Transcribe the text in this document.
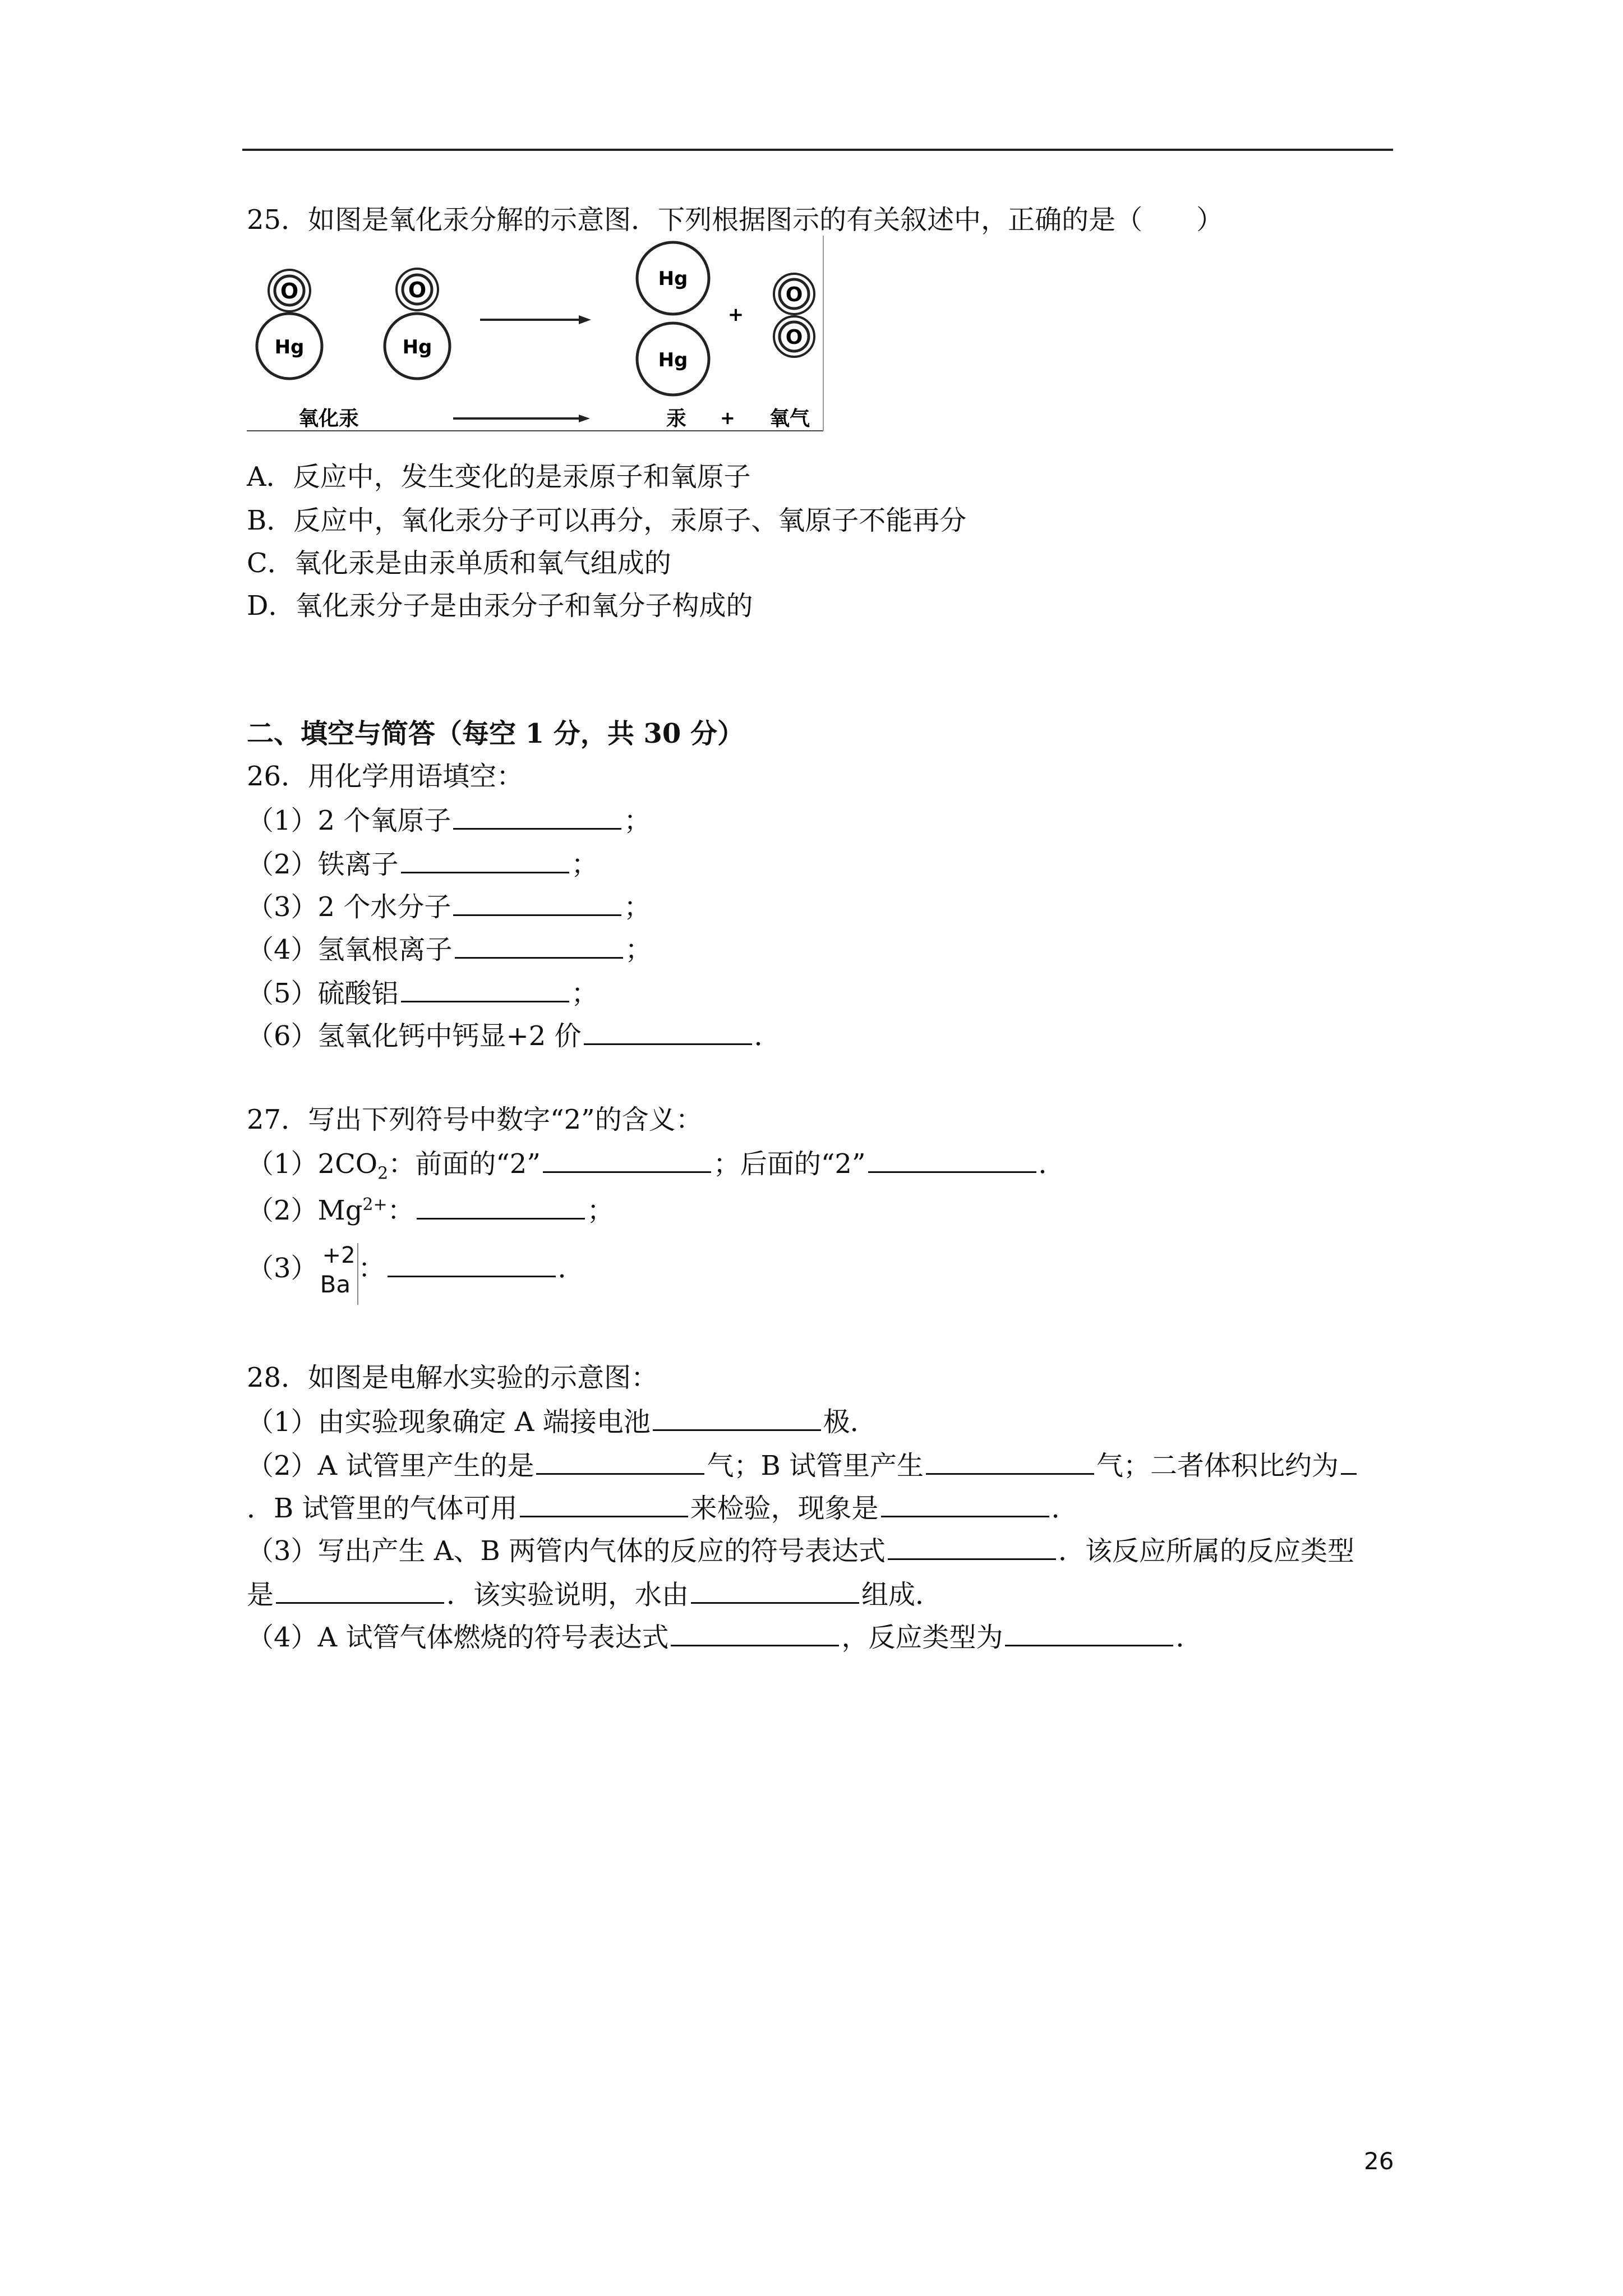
25．如图是氧化汞分解的示意图．下列根据图示的有关叙述中，正确的是（　　）
O
Hg
O
Hg
Hg
Hg
+
O
O
氧化汞	汞 + 氧气
A．反应中，发生变化的是汞原子和氧原子
B．反应中，氧化汞分子可以再分，汞原子、氧原子不能再分
C．氧化汞是由汞单质和氧气组成的
D．氧化汞分子是由汞分子和氧分子构成的
二、填空与简答（每空 1 分，共 30 分）
26．用化学用语填空：
（1）2 个氧原子	；
（2）铁离子	；
（3）2 个水分子	；
（4）氢氧根离子	；
（5）硫酸铝	；
（6）氢氧化钙中钙显+2 价	．
27．写出下列符号中数字“2”的含义：
$(1)2CO_2$：前面的“2”	；后面的“2”	．
$(2)Mg^{2+}$：	；
（3） +2
Ba
：	．
28．如图是电解水实验的示意图：
（1）由实验现象确定 A 端接电池	极．
（2）A 试管里产生的是	气；B 试管里产生	气；二者体积比约为
．B 试管里的气体可用	来检验，现象是	．
（3）写出产生 A、B 两管内气体的反应的符号表达式	．该反应所属的反应类型
是	．该实验说明，水由	组成．
（4）A 试管气体燃烧的符号表达式	，反应类型为	．
26
